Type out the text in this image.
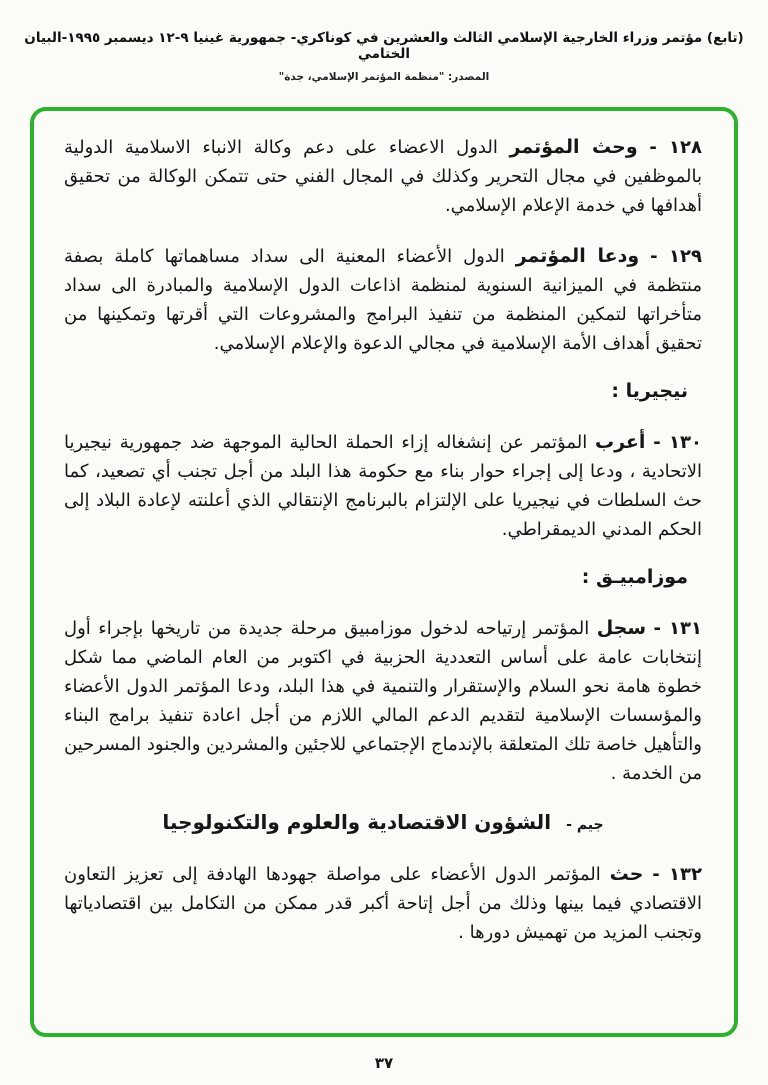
(تابع) مؤتمر وزراء الخارجية الإسلامي الثالث والعشرين في كوناكري- جمهورية غينيا ٩-١٢ ديسمبر ١٩٩٥-البيان الختامي
المصدر: "منظمة المؤتمر الإسلامي، جدة"

١٢٨ - وحث المؤتمر الدول الاعضاء على دعم وكالة الانباء الاسلامية الدولية بالموظفين في مجال التحرير وكذلك في المجال الفني حتى تتمكن الوكالة من تحقيق أهدافها في خدمة الإعلام الإسلامي.

١٢٩ - ودعا المؤتمر الدول الأعضاء المعنية الى سداد مساهماتها كاملة بصفة منتظمة في الميزانية السنوية لمنظمة اذاعات الدول الإسلامية والمبادرة الى سداد متأخراتها لتمكين المنظمة من تنفيذ البرامج والمشروعات التي أقرتها وتمكينها من تحقيق أهداف الأمة الإسلامية في مجالي الدعوة والإعلام الإسلامي.

نيجيريا :

١٣٠ - أعرب المؤتمر عن إنشغاله إزاء الحملة الحالية الموجهة ضد جمهورية نيجيريا الاتحادية ، ودعا إلى إجراء حوار بناء مع حكومة هذا البلد من أجل تجنب أي تصعيد، كما حث السلطات في نيجيريا على الإلتزام بالبرنامج الإنتقالي الذي أعلنته لإعادة البلاد إلى الحكم المدني الديمقراطي.

موزامبيـق :

١٣١ - سجل المؤتمر إرتياحه لدخول موزامبيق مرحلة جديدة من تاريخها بإجراء أول إنتخابات عامة على أساس التعددية الحزبية في اكتوبر من العام الماضي مما شكل خطوة هامة نحو السلام والإستقرار والتنمية في هذا البلد، ودعا المؤتمر الدول الأعضاء والمؤسسات الإسلامية لتقديم الدعم المالي اللازم من أجل اعادة تنفيذ برامج البناء والتأهيل خاصة تلك المتعلقة بالإندماج الإجتماعي للاجئين والمشردين والجنود المسرحين من الخدمة .

جيم - الشؤون الاقتصادية والعلوم والتكنولوجيا

١٣٢ - حث المؤتمر الدول الأعضاء على مواصلة جهودها الهادفة إلى تعزيز التعاون الاقتصادي فيما بينها وذلك من أجل إتاحة أكبر قدر ممكن من التكامل بين اقتصادياتها وتجنب المزيد من تهميش دورها .

٣٧
